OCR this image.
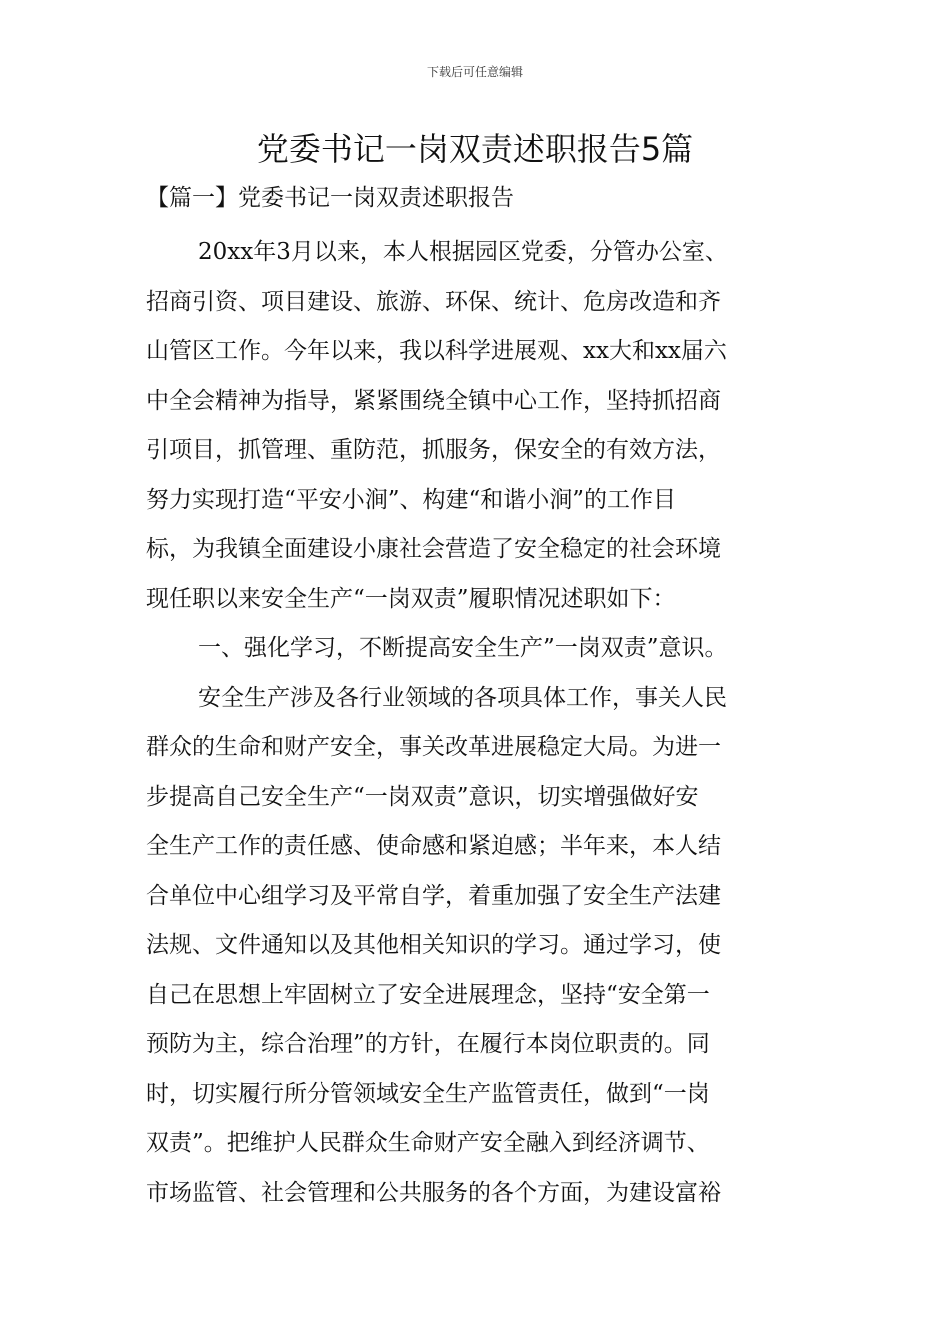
下载后可任意编辑
党委书记一岗双责述职报告5篇
【篇一】党委书记一岗双责述职报告
20xx年3月以来，本人根据园区党委，分管办公室、
招商引资、项目建设、旅游、环保、统计、危房改造和齐
山管区工作。今年以来，我以科学进展观、xx大和xx届六
中全会精神为指导，紧紧围绕全镇中心工作，坚持抓招商
引项目，抓管理、重防范，抓服务，保安全的有效方法，
努力实现打造“平安小涧”、构建“和谐小涧”的工作目
标，为我镇全面建设小康社会营造了安全稳定的社会环境
现任职以来安全生产“一岗双责”履职情况述职如下：
一、强化学习，不断提高安全生产”一岗双责”意识。
安全生产涉及各行业领域的各项具体工作，事关人民
群众的生命和财产安全，事关改革进展稳定大局。为进一
步提高自己安全生产“一岗双责”意识，切实增强做好安
全生产工作的责任感、使命感和紧迫感；半年来，本人结
合单位中心组学习及平常自学，着重加强了安全生产法建
法规、文件通知以及其他相关知识的学习。通过学习，使
自己在思想上牢固树立了安全进展理念，坚持“安全第一
预防为主，综合治理”的方针，在履行本岗位职责的。同
时，切实履行所分管领域安全生产监管责任，做到“一岗
双责”。把维护人民群众生命财产安全融入到经济调节、
市场监管、社会管理和公共服务的各个方面，为建设富裕
